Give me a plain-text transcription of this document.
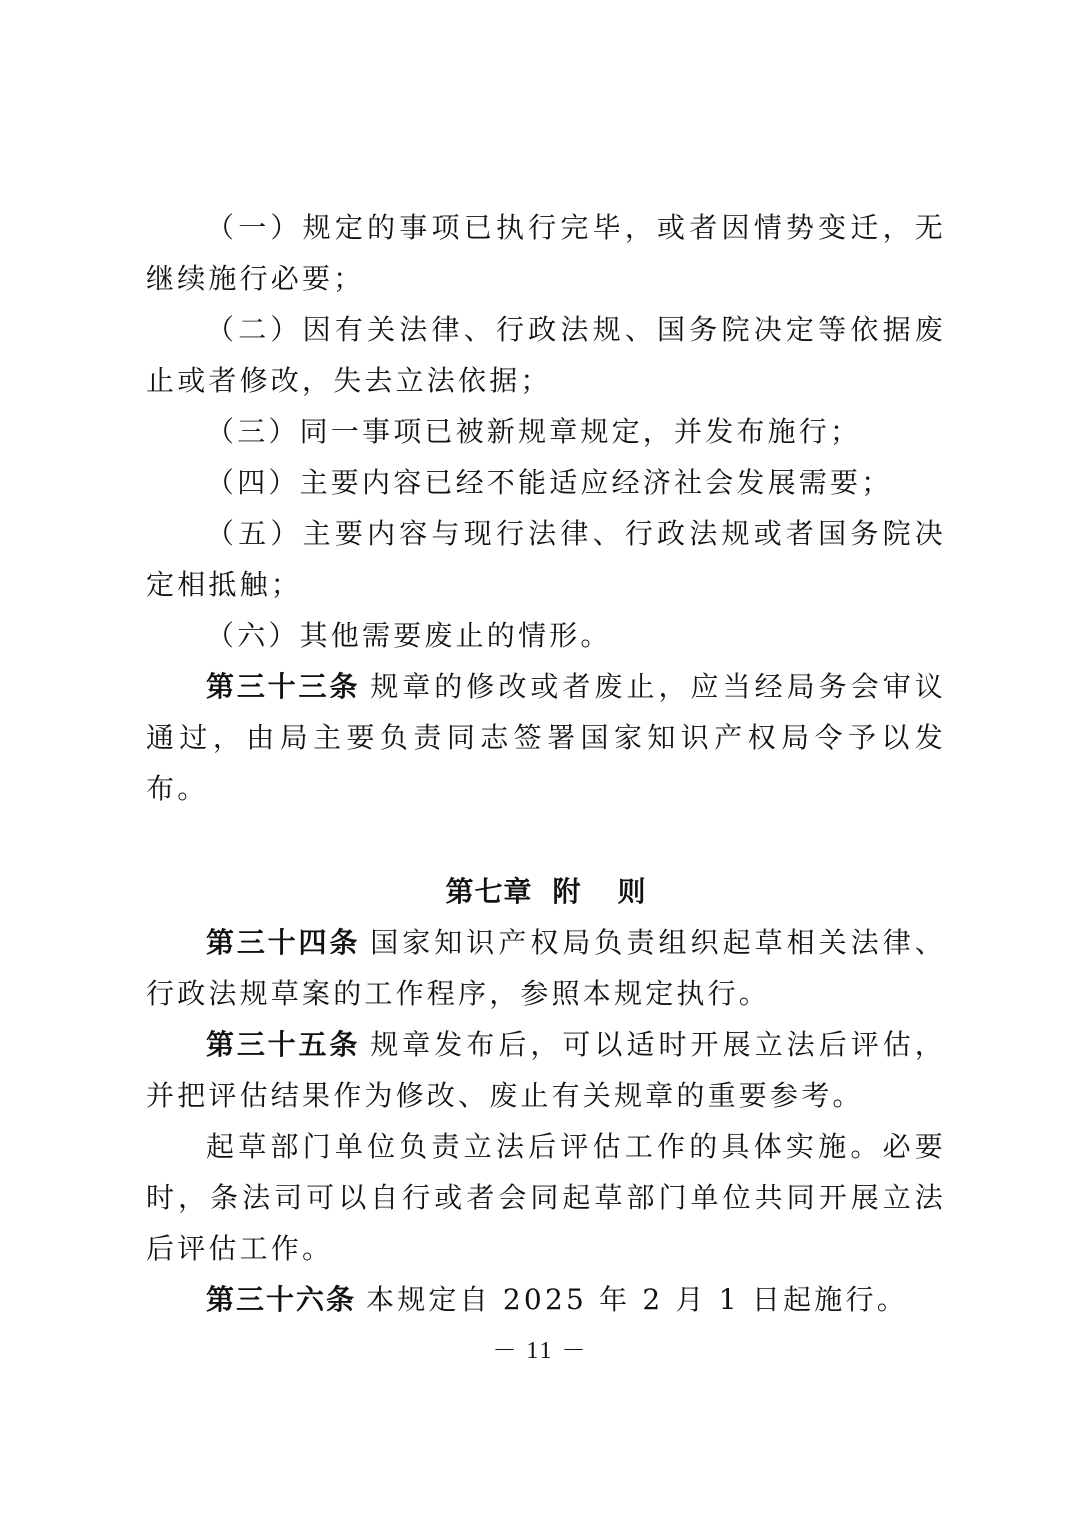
（一）规定的事项已执行完毕，或者因情势变迁，无继续施行必要；

（二）因有关法律、行政法规、国务院决定等依据废止或者修改，失去立法依据；

（三）同一事项已被新规章规定，并发布施行；

（四）主要内容已经不能适应经济社会发展需要；

（五）主要内容与现行法律、行政法规或者国务院决定相抵触；

（六）其他需要废止的情形。

第三十三条 规章的修改或者废止，应当经局务会审议通过，由局主要负责同志签署国家知识产权局令予以发布。

第七章 附 则

第三十四条 国家知识产权局负责组织起草相关法律、行政法规草案的工作程序，参照本规定执行。

第三十五条 规章发布后，可以适时开展立法后评估，并把评估结果作为修改、废止有关规章的重要参考。

起草部门单位负责立法后评估工作的具体实施。必要时，条法司可以自行或者会同起草部门单位共同开展立法后评估工作。

第三十六条 本规定自 2025 年 2 月 1 日起施行。

－ 11 －
